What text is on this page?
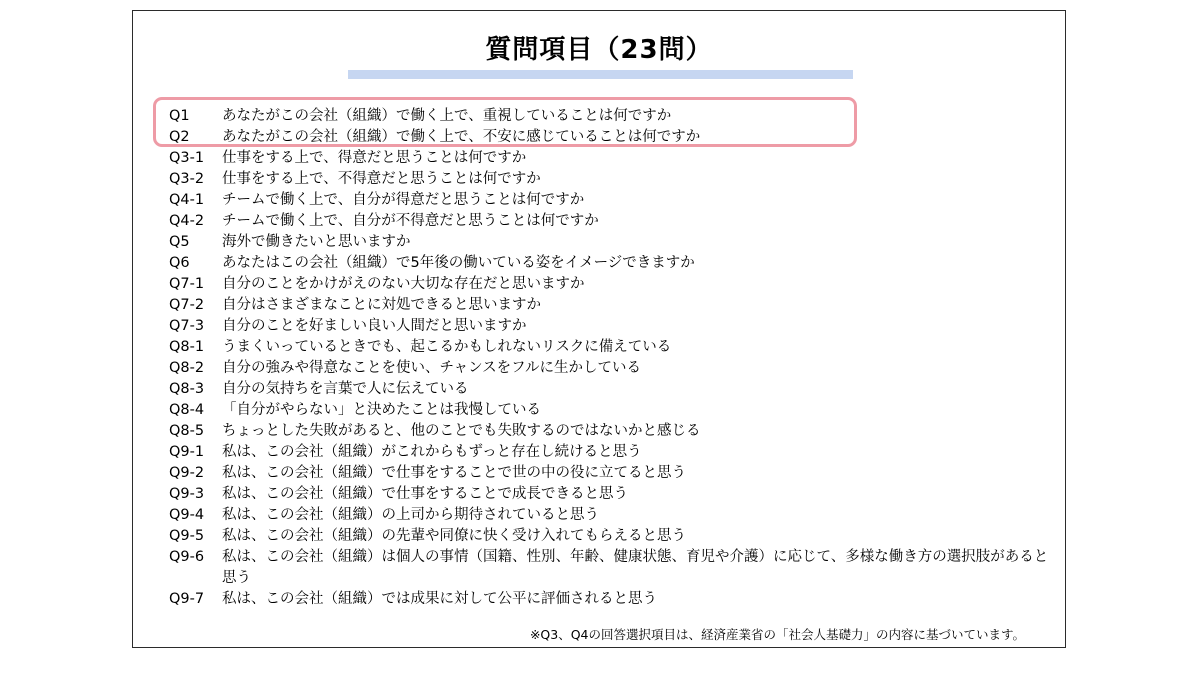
質問項目（23問）
Q1	あなたがこの会社（組織）で働く上で、重視していることは何ですか
Q2	あなたがこの会社（組織）で働く上で、不安に感じていることは何ですか
Q3-1	仕事をする上で、得意だと思うことは何ですか
Q3-2	仕事をする上で、不得意だと思うことは何ですか
Q4-1	チームで働く上で、自分が得意だと思うことは何ですか
Q4-2	チームで働く上で、自分が不得意だと思うことは何ですか
Q5	海外で働きたいと思いますか
Q6	あなたはこの会社（組織）で5年後の働いている姿をイメージできますか
Q7-1	自分のことをかけがえのない大切な存在だと思いますか
Q7-2	自分はさまざまなことに対処できると思いますか
Q7-3	自分のことを好ましい良い人間だと思いますか
Q8-1	うまくいっているときでも、起こるかもしれないリスクに備えている
Q8-2	自分の強みや得意なことを使い、チャンスをフルに生かしている
Q8-3	自分の気持ちを言葉で人に伝えている
Q8-4	「自分がやらない」と決めたことは我慢している
Q8-5	ちょっとした失敗があると、他のことでも失敗するのではないかと感じる
Q9-1	私は、この会社（組織）がこれからもずっと存在し続けると思う
Q9-2	私は、この会社（組織）で仕事をすることで世の中の役に立てると思う
Q9-3	私は、この会社（組織）で仕事をすることで成長できると思う
Q9-4	私は、この会社（組織）の上司から期待されていると思う
Q9-5	私は、この会社（組織）の先輩や同僚に快く受け入れてもらえると思う
Q9-6	私は、この会社（組織）は個人の事情（国籍、性別、年齢、健康状態、育児や介護）に応じて、多様な働き方の選択肢があると思う
Q9-7	私は、この会社（組織）では成果に対して公平に評価されると思う
※Q3、Q4の回答選択項目は、経済産業省の「社会人基礎力」の内容に基づいています。
